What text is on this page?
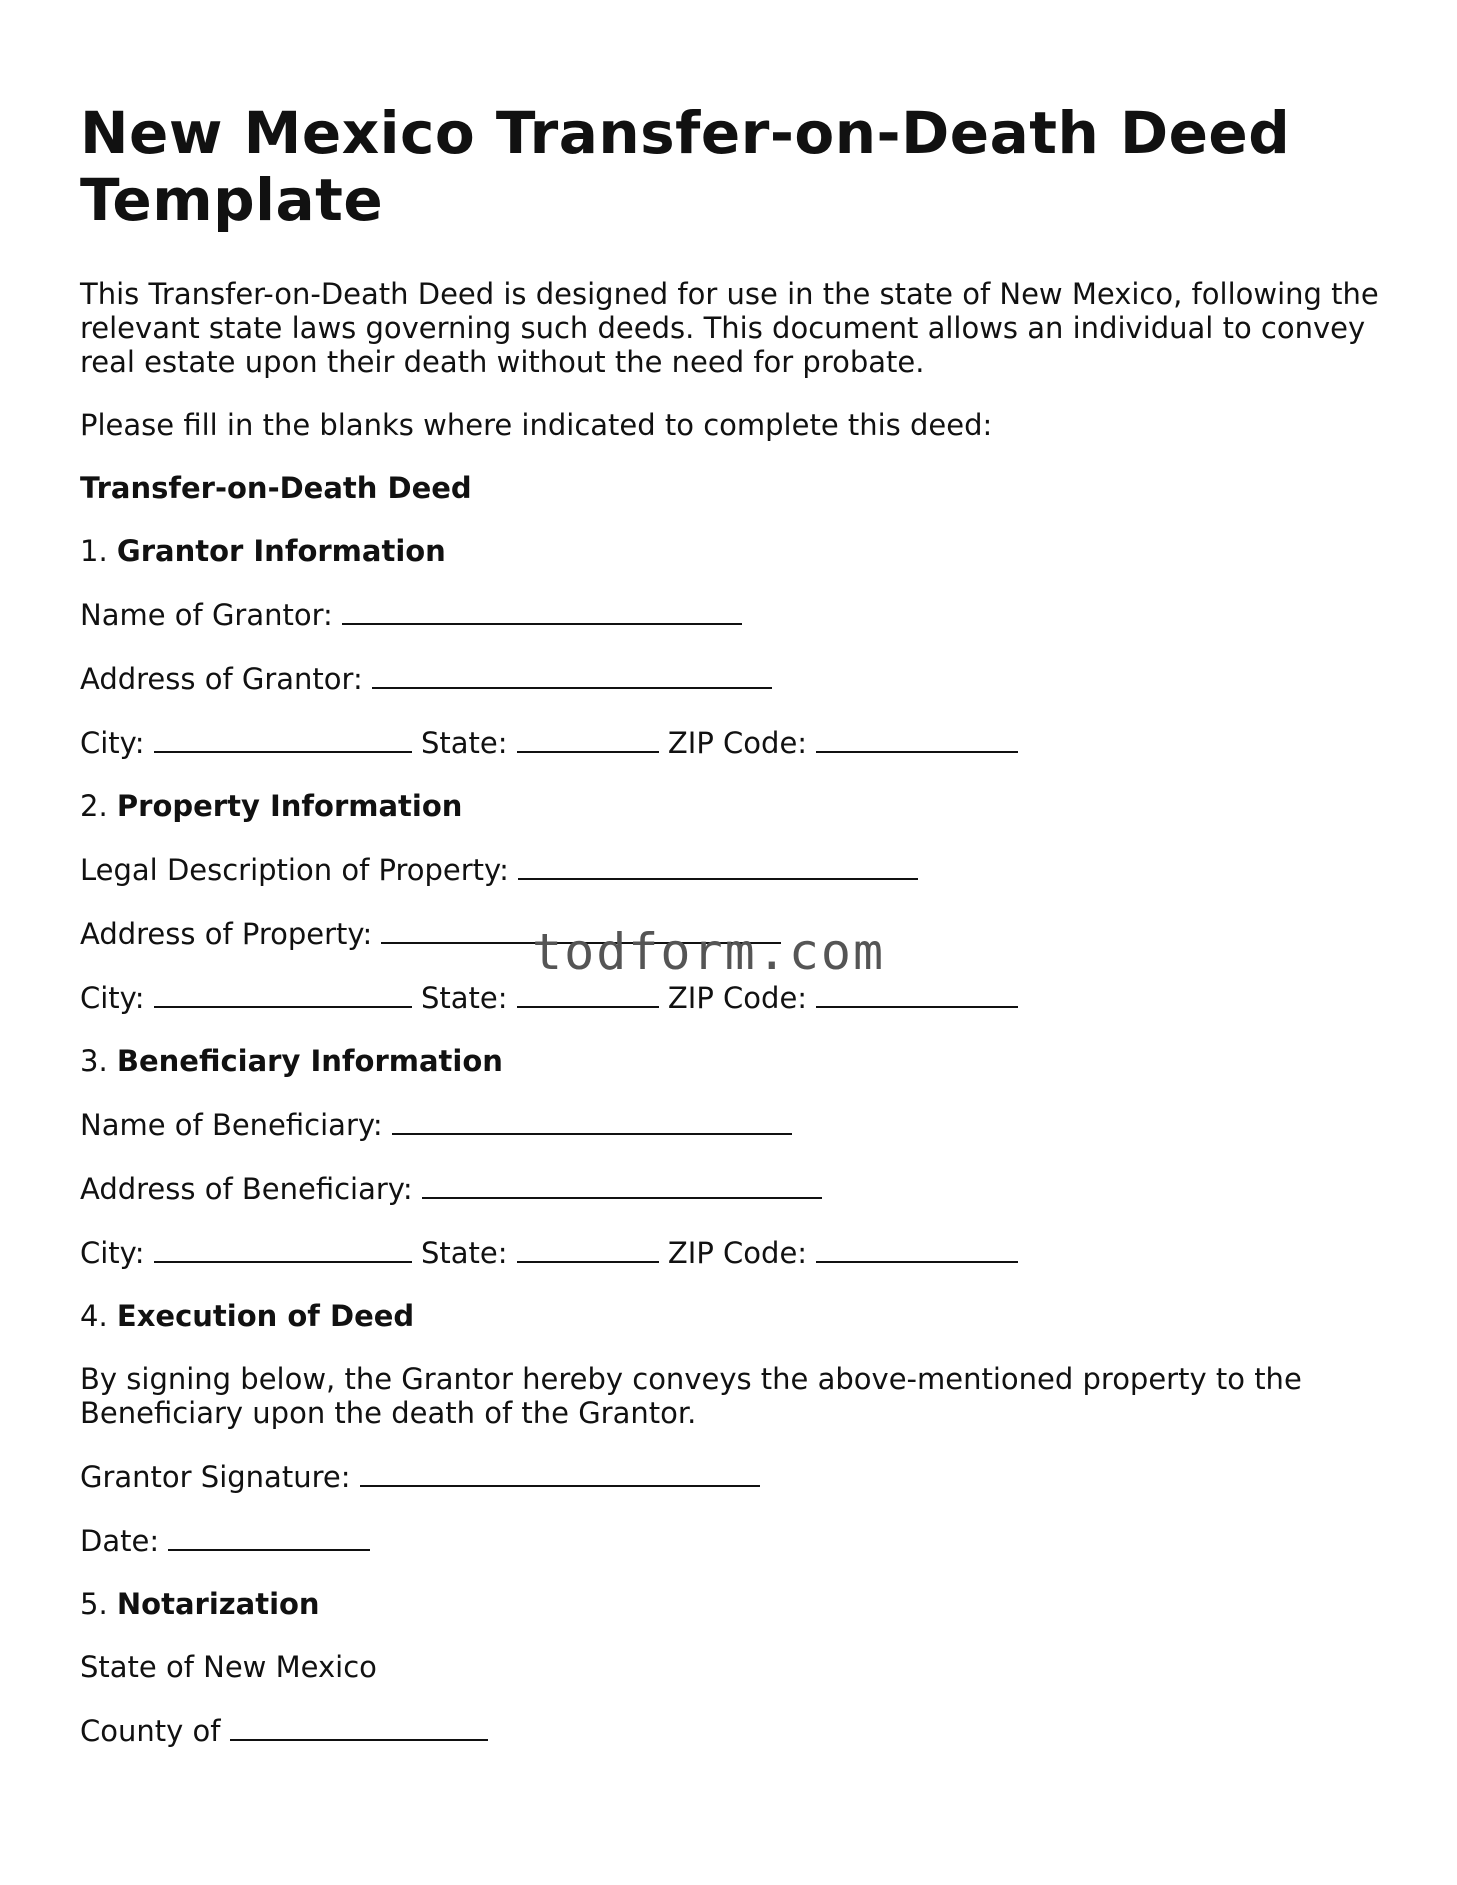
New Mexico Transfer-on-Death Deed Template

This Transfer-on-Death Deed is designed for use in the state of New Mexico, following the relevant state laws governing such deeds. This document allows an individual to convey real estate upon their death without the need for probate.

Please fill in the blanks where indicated to complete this deed:

Transfer-on-Death Deed

1. Grantor Information

Name of Grantor:

Address of Grantor:

City:	State:	ZIP Code:

2. Property Information

Legal Description of Property:

Address of Property:

City:	State:	ZIP Code:

3. Beneficiary Information

Name of Beneficiary:

Address of Beneficiary:

City:	State:	ZIP Code:

4. Execution of Deed

By signing below, the Grantor hereby conveys the above-mentioned property to the Beneficiary upon the death of the Grantor.

Grantor Signature:

Date:

5. Notarization

State of New Mexico

County of

todform.com
